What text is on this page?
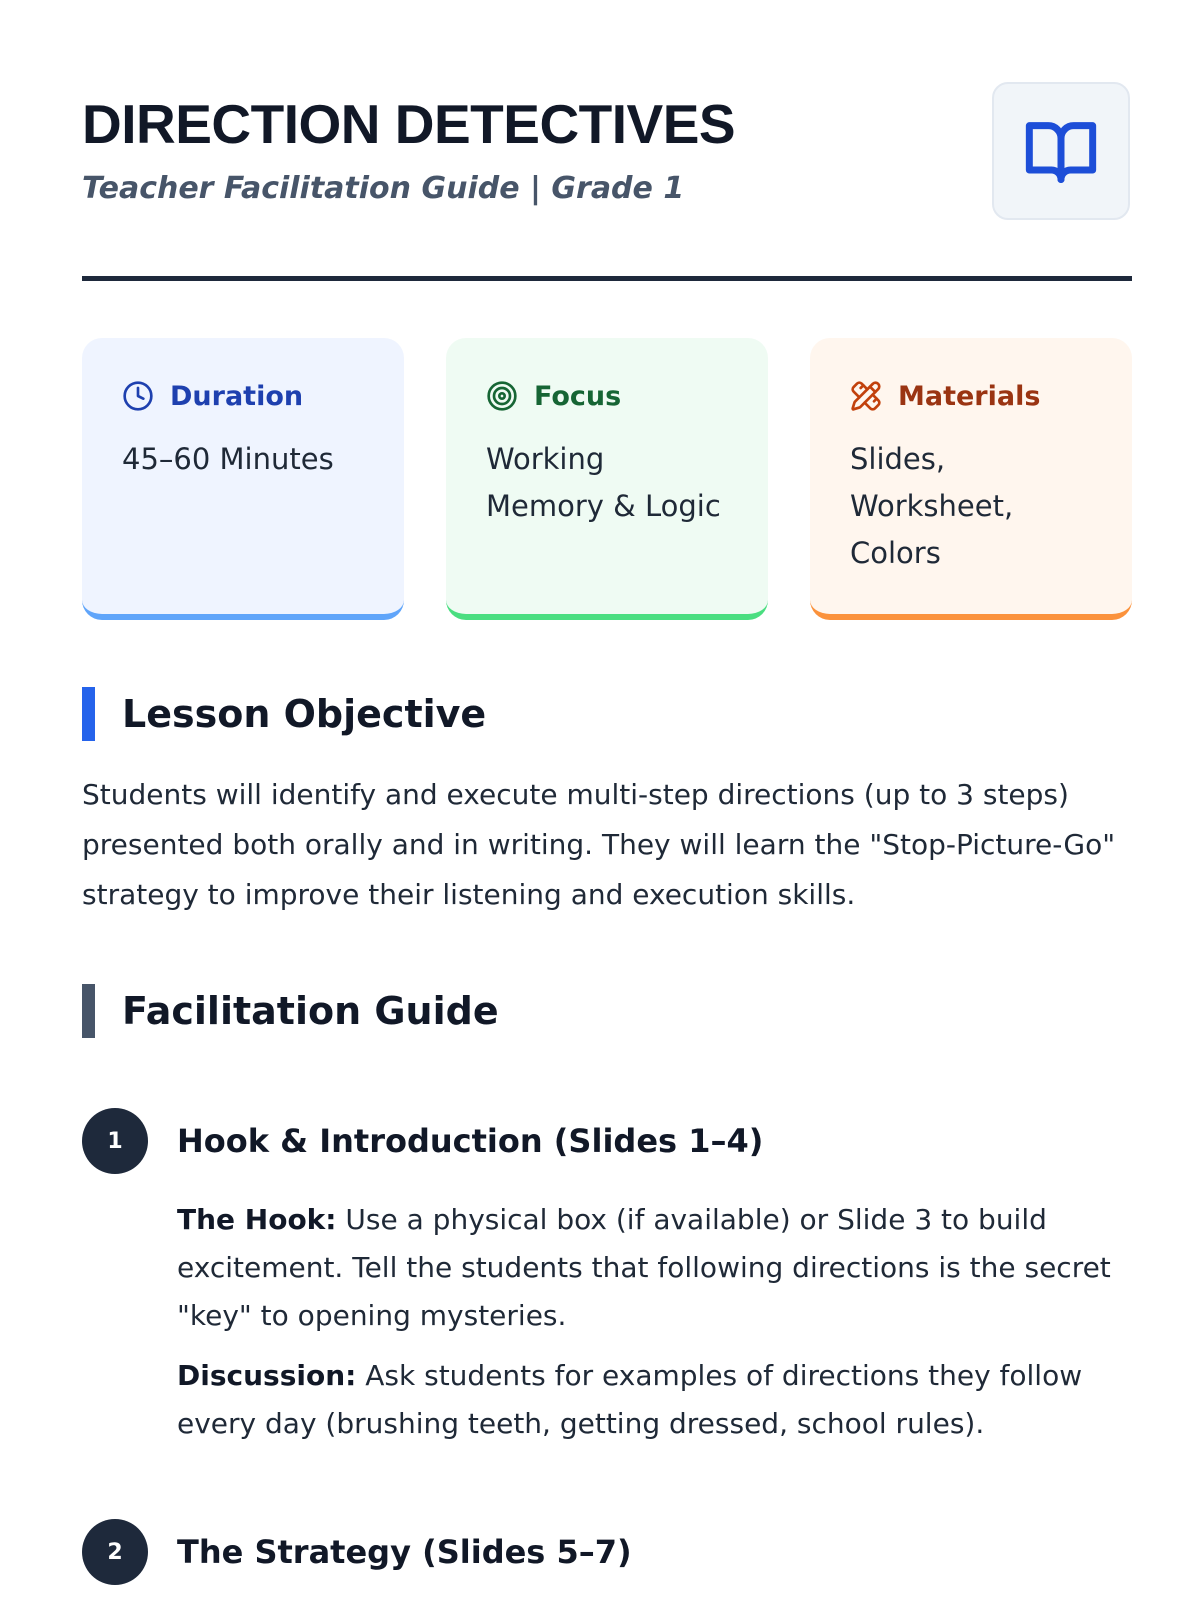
DIRECTION DETECTIVES

Teacher Facilitation Guide | Grade 1

Duration
45–60 Minutes
Focus
Working
Memory & Logic
Materials
Slides,
Worksheet,
Colors
Lesson Objective

Students will identify and execute multi-step directions (up to 3 steps) presented both orally and in writing. They will learn the "Stop-Picture-Go" strategy to improve their listening and execution skills.

Facilitation Guide
1	Hook & Introduction (Slides 1–4)

The Hook: Use a physical box (if available) or Slide 3 to build excitement. Tell the students that following directions is the secret "key" to opening mysteries.

Discussion: Ask students for examples of directions they follow every day (brushing teeth, getting dressed, school rules).

2	The Strategy (Slides 5–7)
